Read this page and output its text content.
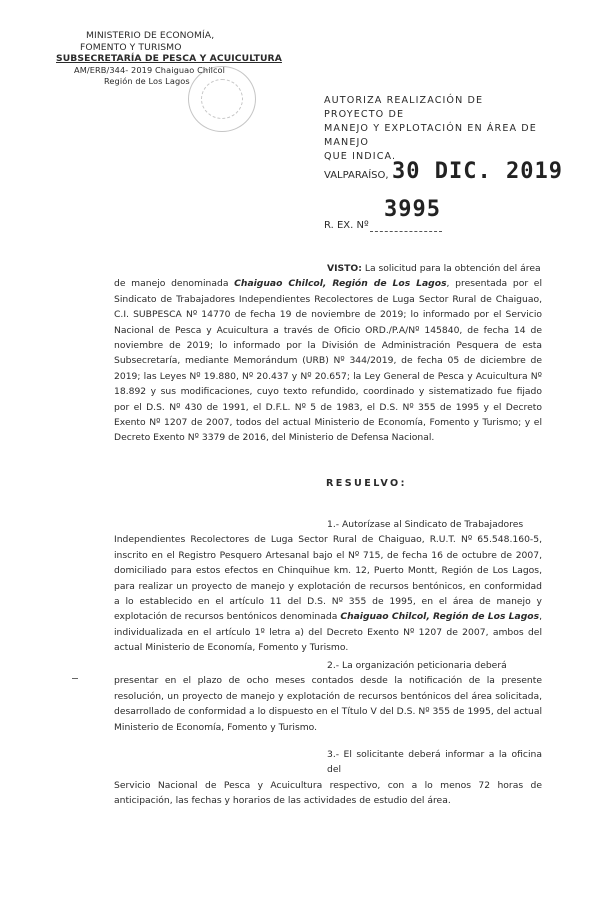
MINISTERIO DE ECONOMÍA,
FOMENTO Y TURISMO
SUBSECRETARÍA DE PESCA Y ACUICULTURA
AM/ERB/344- 2019 Chaiguao Chilcol
Región de Los Lagos
AUTORIZA REALIZACIÓN DE PROYECTO DE
MANEJO Y EXPLOTACIÓN EN ÁREA DE MANEJO
QUE INDICA.
VALPARAÍSO, 30 DIC. 2019
3995
R. EX. Nº
VISTO: La solicitud para la obtención del área
de manejo denominada Chaiguao Chilcol, Región de Los Lagos, presentada por el Sindicato de Trabajadores Independientes Recolectores de Luga Sector Rural de Chaiguao, C.I. SUBPESCA Nº 14770 de fecha 19 de noviembre de 2019; lo informado por el Servicio Nacional de Pesca y Acuicultura a través de Oficio ORD./P.A/Nº 145840, de fecha 14 de noviembre de 2019; lo informado por la División de Administración Pesquera de esta Subsecretaría, mediante Memorándum (URB) Nº 344/2019, de fecha 05 de diciembre de 2019; las Leyes Nº 19.880, Nº 20.437 y Nº 20.657; la Ley General de Pesca y Acuicultura Nº 18.892 y sus modificaciones, cuyo texto refundido, coordinado y sistematizado fue fijado por el D.S. Nº 430 de 1991, el D.F.L. Nº 5 de 1983, el D.S. Nº 355 de 1995 y el Decreto Exento Nº 1207 de 2007, todos del actual Ministerio de Economía, Fomento y Turismo; y el Decreto Exento Nº 3379 de 2016, del Ministerio de Defensa Nacional.
RESUELVO:
1.- Autorízase al Sindicato de Trabajadores
Independientes Recolectores de Luga Sector Rural de Chaiguao, R.U.T. Nº 65.548.160-5, inscrito en el Registro Pesquero Artesanal bajo el Nº 715, de fecha 16 de octubre de 2007, domiciliado para estos efectos en Chinquihue km. 12, Puerto Montt, Región de Los Lagos, para realizar un proyecto de manejo y explotación de recursos bentónicos, en conformidad a lo establecido en el artículo 11 del D.S. Nº 355 de 1995, en el área de manejo y explotación de recursos bentónicos denominada Chaiguao Chilcol, Región de Los Lagos, individualizada en el artículo 1º letra a) del Decreto Exento Nº 1207 de 2007, ambos del actual Ministerio de Economía, Fomento y Turismo.
2.- La organización peticionaria deberá
presentar en el plazo de ocho meses contados desde la notificación de la presente resolución, un proyecto de manejo y explotación de recursos bentónicos del área solicitada, desarrollado de conformidad a lo dispuesto en el Título V del D.S. Nº 355 de 1995, del actual Ministerio de Economía, Fomento y Turismo.
3.- El solicitante deberá informar a la oficina del
Servicio Nacional de Pesca y Acuicultura respectivo, con a lo menos 72 horas de anticipación, las fechas y horarios de las actividades de estudio del área.
